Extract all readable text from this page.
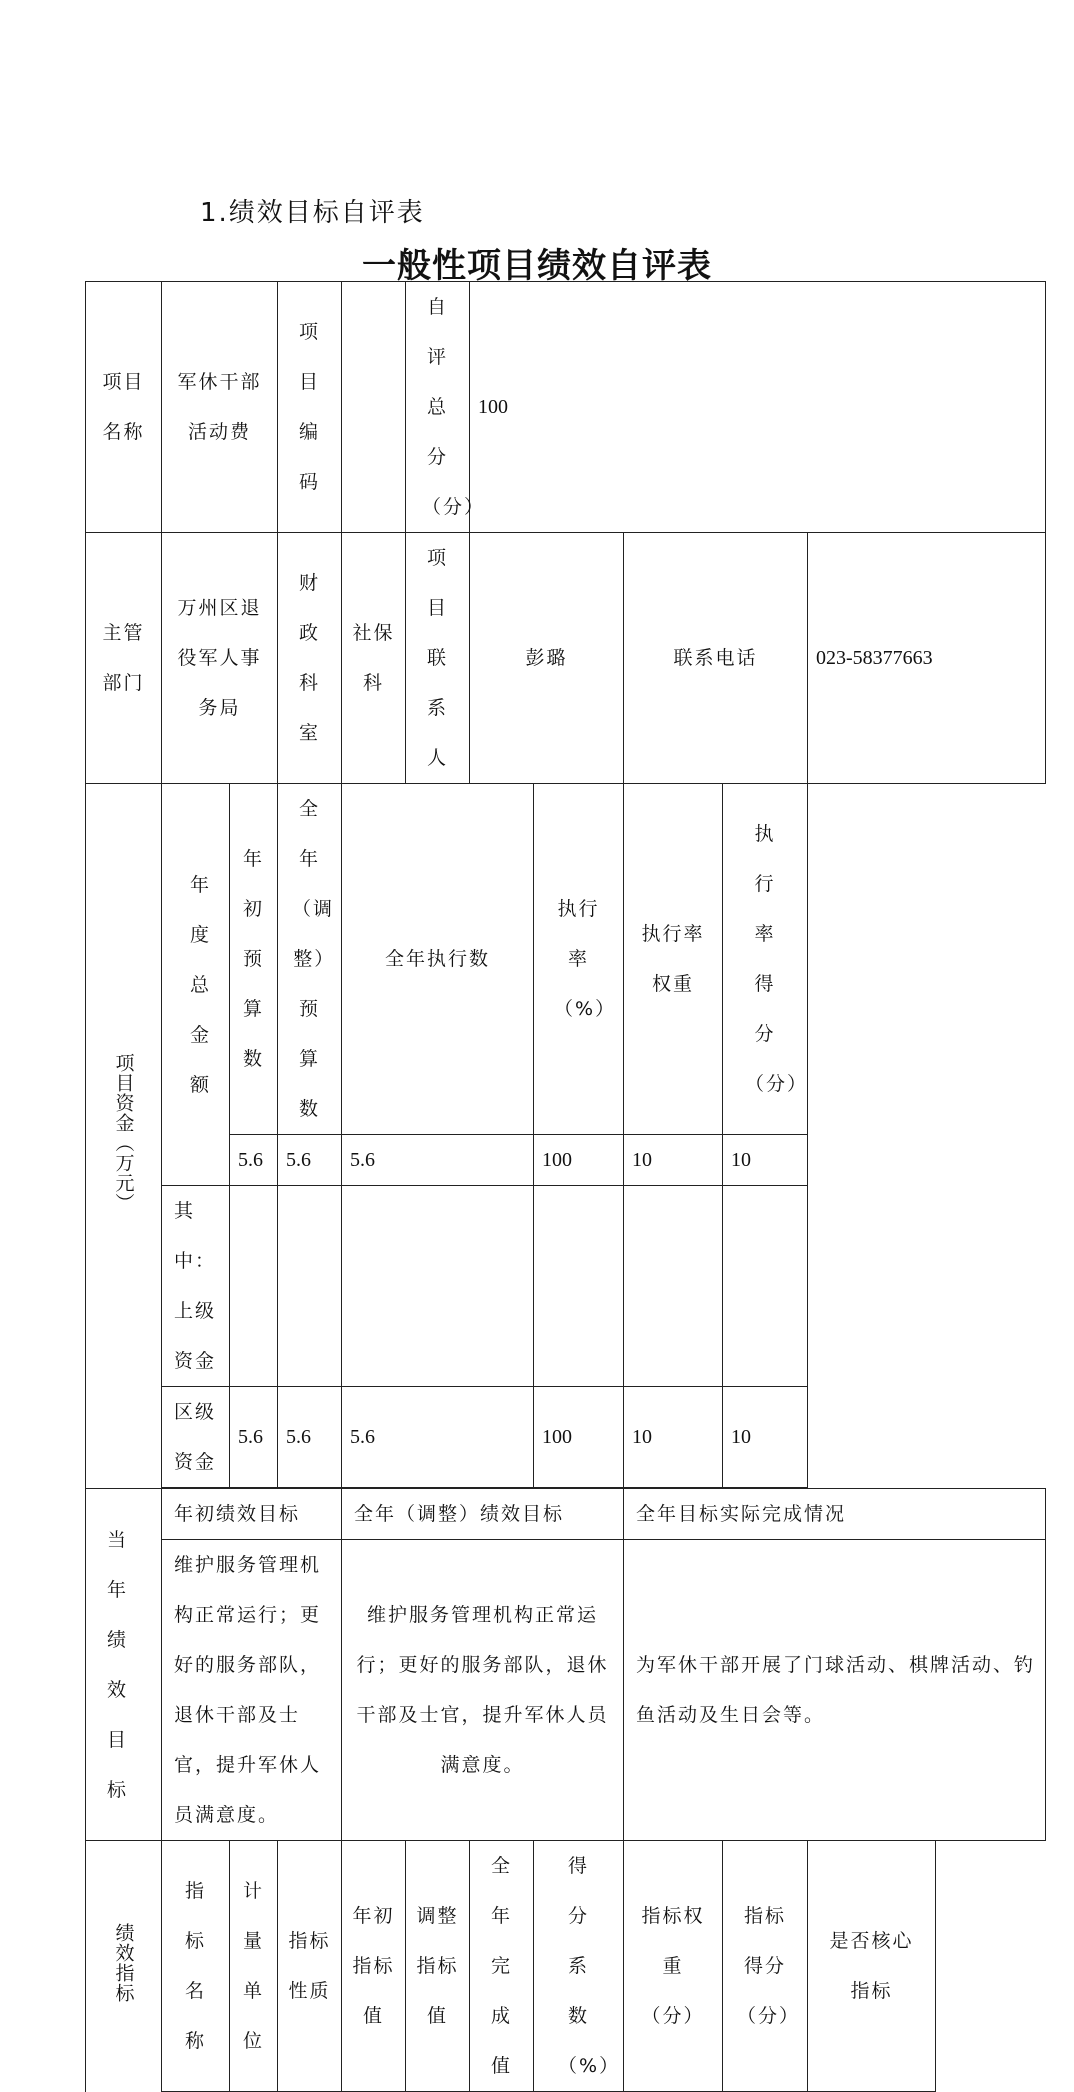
1.绩效目标自评表
一般性项目绩效自评表
项目名称	军休干部活动费		项目编码		自评总分（分）	100				
主管部门	万州区退役军人事务局		财政科室	社保科	项目联系人	彭璐		联系电话		023-58377663
项目资金（万元）	年度总金额	年初预算数	全年（调整）预算数	全年执行数			执行率（%）	执行率权重	执行率得分（分）	
		5.6	5.6	5.6			100	10	10	
	其中：上级资金									
	区级资金	5.6	5.6	5.6			100	10	10	

当年绩效目标	年初绩效目标			全年（调整）绩效目标				全年目标实际完成情况		
	维护服务管理机构正常运行；更好的服务部队，退休干部及士官，提升军休人员满意度。			维护服务管理机构正常运行；更好的服务部队，退休干部及士官，提升军休人员满意度。				为军休干部开展了门球活动、棋牌活动、钓鱼活动及生日会等。		
绩效指标	指标名称	计量单位	指标性质	年初指标值	调整指标值	全年完成值	得分系数（%）	指标权重（分）	指标得分（分）	是否核心指标
